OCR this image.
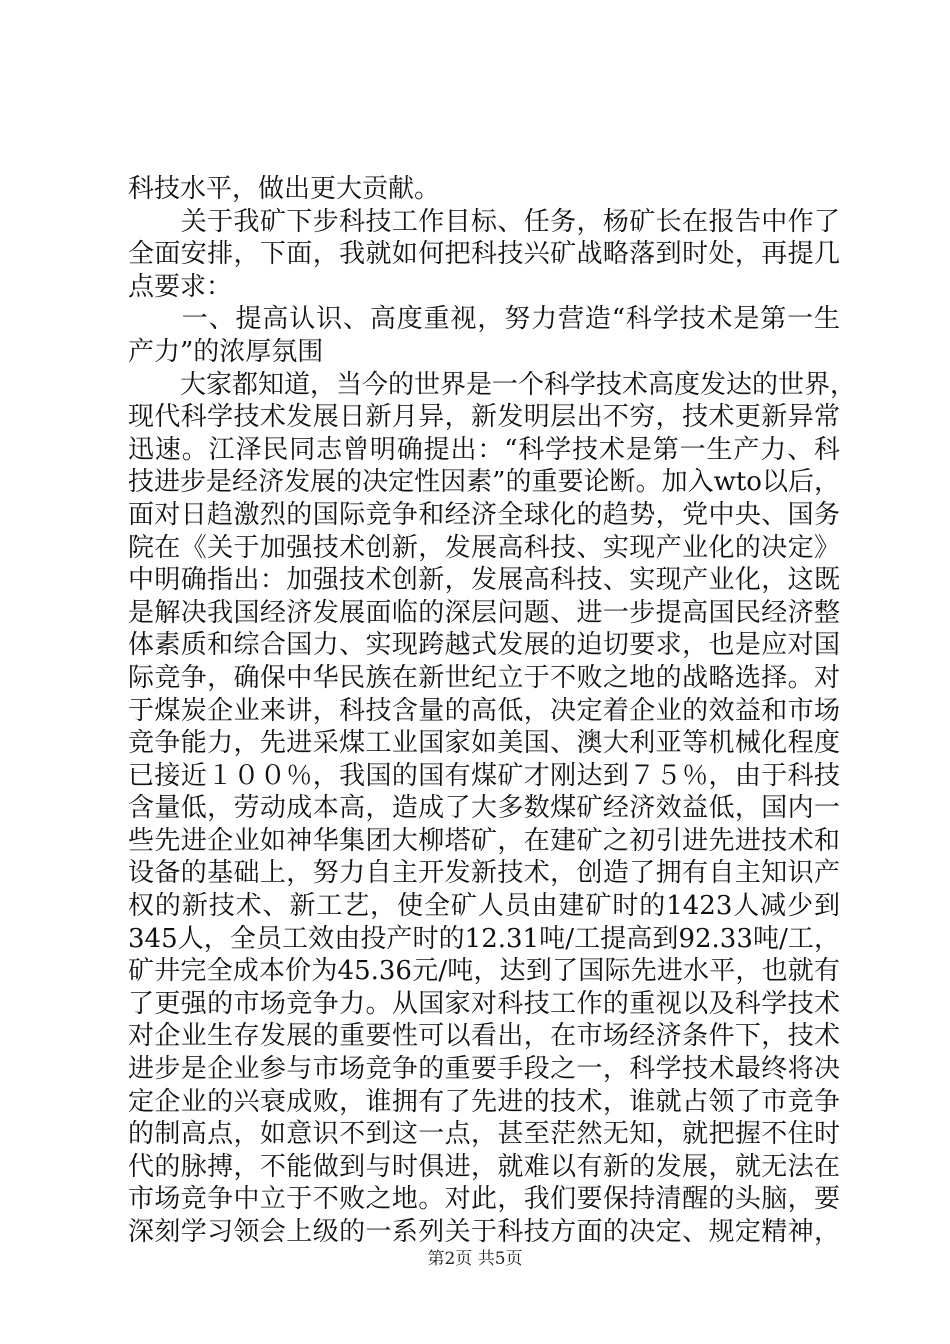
科技水平，做出更大贡献。
　　关于我矿下步科技工作目标、任务，杨矿长在报告中作了
全面安排，下面，我就如何把科技兴矿战略落到时处，再提几
点要求：
　　一、提高认识、高度重视，努力营造“科学技术是第一生
产力”的浓厚氛围
　　大家都知道，当今的世界是一个科学技术高度发达的世界，
现代科学技术发展日新月异，新发明层出不穷，技术更新异常
迅速。江泽民同志曾明确提出：“科学技术是第一生产力、科
技进步是经济发展的决定性因素”的重要论断。加入wto以后，
面对日趋激烈的国际竞争和经济全球化的趋势，党中央、国务
院在《关于加强技术创新，发展高科技、实现产业化的决定》
中明确指出：加强技术创新，发展高科技、实现产业化，这既
是解决我国经济发展面临的深层问题、进一步提高国民经济整
体素质和综合国力、实现跨越式发展的迫切要求，也是应对国
际竞争，确保中华民族在新世纪立于不败之地的战略选择。对
于煤炭企业来讲，科技含量的高低，决定着企业的效益和市场
竞争能力，先进采煤工业国家如美国、澳大利亚等机械化程度
已接近１００％，我国的国有煤矿才刚达到７５％，由于科技
含量低，劳动成本高，造成了大多数煤矿经济效益低，国内一
些先进企业如神华集团大柳塔矿，在建矿之初引进先进技术和
设备的基础上，努力自主开发新技术，创造了拥有自主知识产
权的新技术、新工艺，使全矿人员由建矿时的1423人减少到
345人，全员工效由投产时的12.31吨/工提高到92.33吨/工，
矿井完全成本价为45.36元/吨，达到了国际先进水平，也就有
了更强的市场竞争力。从国家对科技工作的重视以及科学技术
对企业生存发展的重要性可以看出，在市场经济条件下，技术
进步是企业参与市场竞争的重要手段之一，科学技术最终将决
定企业的兴衰成败，谁拥有了先进的技术，谁就占领了市竞争
的制高点，如意识不到这一点，甚至茫然无知，就把握不住时
代的脉搏，不能做到与时俱进，就难以有新的发展，就无法在
市场竞争中立于不败之地。对此，我们要保持清醒的头脑，要
深刻学习领会上级的一系列关于科技方面的决定、规定精神，
第2页 共5页
